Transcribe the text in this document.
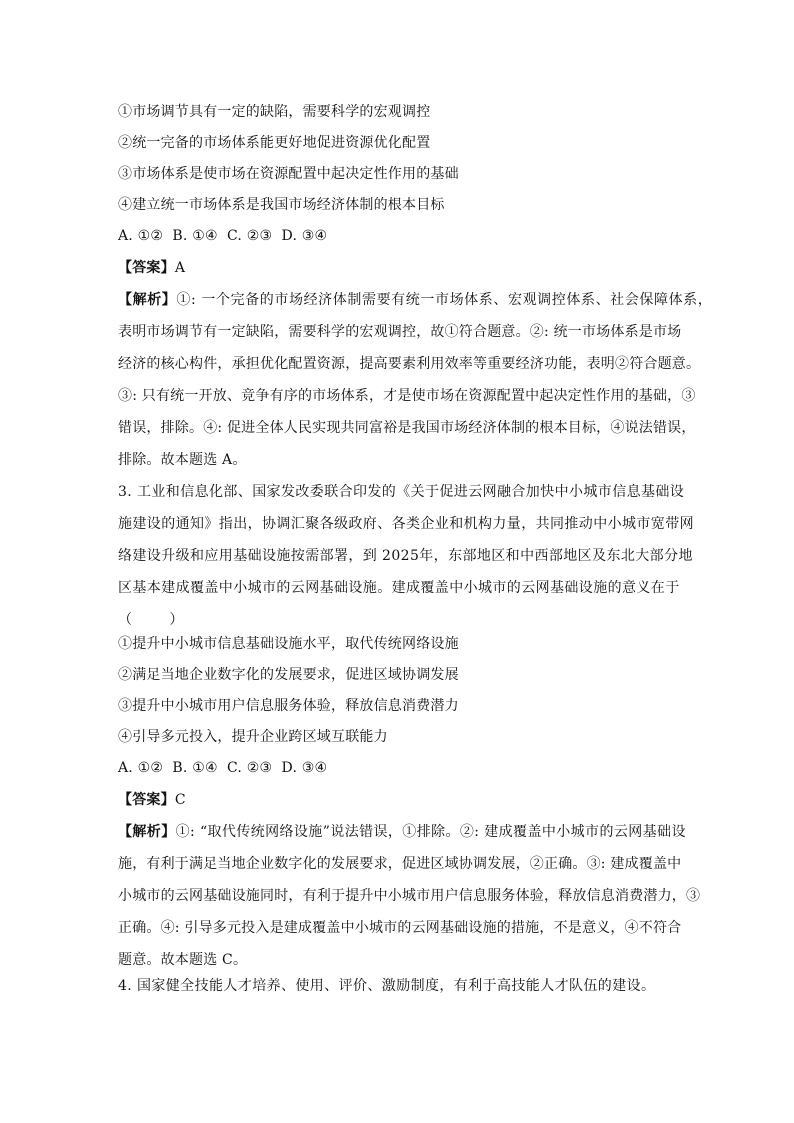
①市场调节具有一定的缺陷，需要科学的宏观调控
②统一完备的市场体系能更好地促进资源优化配置
③市场体系是使市场在资源配置中起决定性作用的基础
④建立统一市场体系是我国市场经济体制的根本目标
A. ①②  B. ①④  C. ②③  D. ③④
【答案】A
【解析】①: 一个完备的市场经济体制需要有统一市场体系、宏观调控体系、社会保障体系，
表明市场调节有一定缺陷，需要科学的宏观调控，故①符合题意。②: 统一市场体系是市场
经济的核心构件，承担优化配置资源，提高要素利用效率等重要经济功能，表明②符合题意。
③: 只有统一开放、竞争有序的市场体系，才是使市场在资源配置中起决定性作用的基础，③
错误，排除。④: 促进全体人民实现共同富裕是我国市场经济体制的根本目标，④说法错误，
排除。故本题选 A。
3. 工业和信息化部、国家发改委联合印发的《关于促进云网融合加快中小城市信息基础设
施建设的通知》指出，协调汇聚各级政府、各类企业和机构力量，共同推动中小城市宽带网
络建设升级和应用基础设施按需部署，到 2025年，东部地区和中西部地区及东北大部分地
区基本建成覆盖中小城市的云网基础设施。建成覆盖中小城市的云网基础设施的意义在于
（        ）
①提升中小城市信息基础设施水平，取代传统网络设施
②满足当地企业数字化的发展要求，促进区域协调发展
③提升中小城市用户信息服务体验，释放信息消费潜力
④引导多元投入，提升企业跨区域互联能力
A. ①②  B. ①④  C. ②③  D. ③④
【答案】C
【解析】①: “取代传统网络设施”说法错误，①排除。②: 建成覆盖中小城市的云网基础设
施，有利于满足当地企业数字化的发展要求，促进区域协调发展，②正确。③: 建成覆盖中
小城市的云网基础设施同时，有利于提升中小城市用户信息服务体验，释放信息消费潜力，③
正确。④: 引导多元投入是建成覆盖中小城市的云网基础设施的措施，不是意义，④不符合
题意。故本题选 C。
4. 国家健全技能人才培养、使用、评价、激励制度，有利于高技能人才队伍的建设。
